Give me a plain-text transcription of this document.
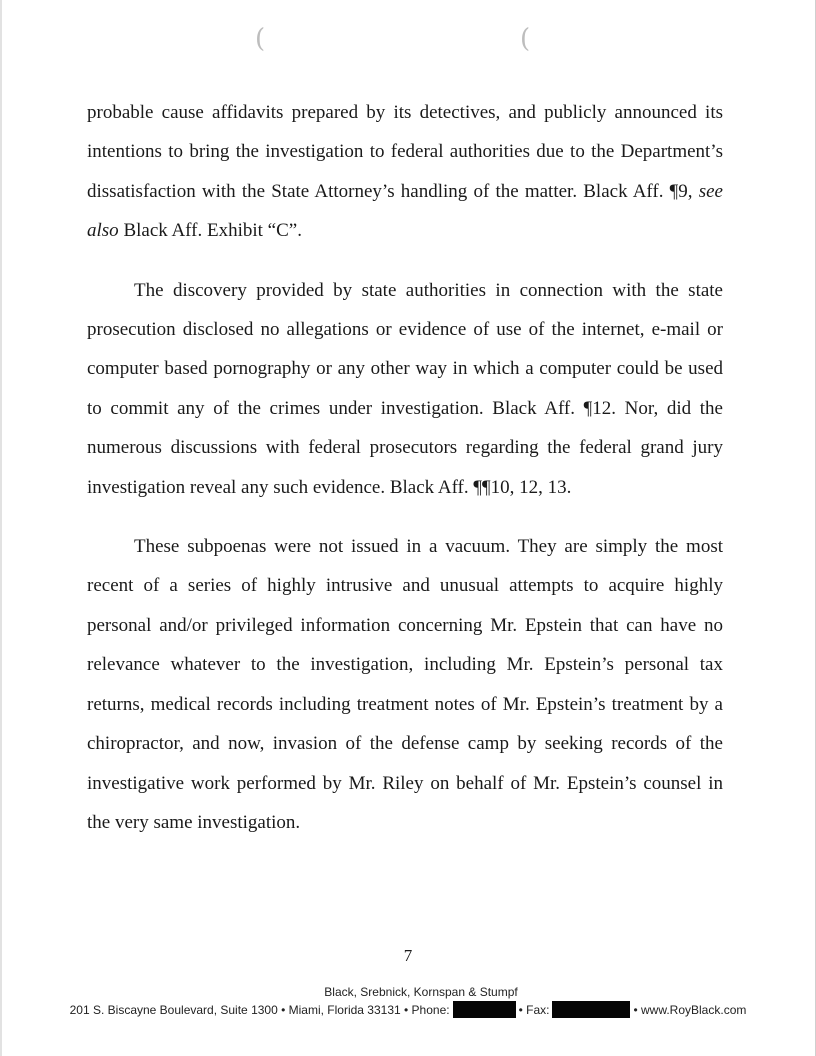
(	(

probable cause affidavits prepared by its detectives, and publicly announced its intentions to bring the investigation to federal authorities due to the Department’s dissatisfaction with the State Attorney’s handling of the matter. Black Aff. ¶9, see also Black Aff. Exhibit “C”.

The discovery provided by state authorities in connection with the state prosecution disclosed no allegations or evidence of use of the internet, e-mail or computer based pornography or any other way in which a computer could be used to commit any of the crimes under investigation. Black Aff. ¶12. Nor, did the numerous discussions with federal prosecutors regarding the federal grand jury investigation reveal any such evidence. Black Aff. ¶¶10, 12, 13.

These subpoenas were not issued in a vacuum. They are simply the most recent of a series of highly intrusive and unusual attempts to acquire highly personal and/or privileged information concerning Mr. Epstein that can have no relevance whatever to the investigation, including Mr. Epstein’s personal tax returns, medical records including treatment notes of Mr. Epstein’s treatment by a chiropractor, and now, invasion of the defense camp by seeking records of the investigative work performed by Mr. Riley on behalf of Mr. Epstein’s counsel in the very same investigation.

7
Black, Srebnick, Kornspan & Stumpf
201 S. Biscayne Boulevard, Suite 1300 • Miami, Florida 33131 • Phone:	• Fax:	• www.RoyBlack.com
